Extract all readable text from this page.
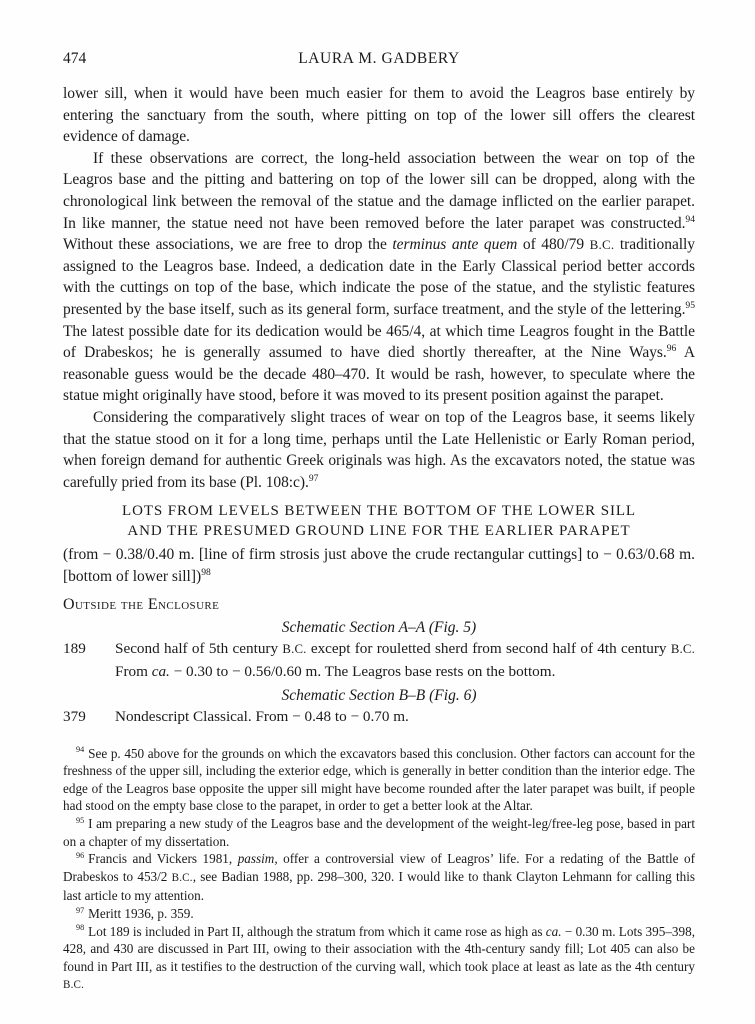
474	LAURA M. GADBERY

lower sill, when it would have been much easier for them to avoid the Leagros base entirely by entering the sanctuary from the south, where pitting on top of the lower sill offers the clearest evidence of damage.

If these observations are correct, the long-held association between the wear on top of the Leagros base and the pitting and battering on top of the lower sill can be dropped, along with the chronological link between the removal of the statue and the damage inflicted on the earlier parapet. In like manner, the statue need not have been removed before the later parapet was constructed.$^{94}$ Without these associations, we are free to drop the terminus ante quem of 480/79 B.C. traditionally assigned to the Leagros base. Indeed, a dedication date in the Early Classical period better accords with the cuttings on top of the base, which indicate the pose of the statue, and the stylistic features presented by the base itself, such as its general form, surface treatment, and the style of the lettering.$^{95}$ The latest possible date for its dedication would be 465/4, at which time Leagros fought in the Battle of Drabeskos; he is generally assumed to have died shortly thereafter, at the Nine Ways.$^{96}$ A reasonable guess would be the decade 480–470. It would be rash, however, to speculate where the statue might originally have stood, before it was moved to its present position against the parapet.

Considering the comparatively slight traces of wear on top of the Leagros base, it seems likely that the statue stood on it for a long time, perhaps until the Late Hellenistic or Early Roman period, when foreign demand for authentic Greek originals was high. As the excavators noted, the statue was carefully pried from its base (Pl. 108:c).$^{97}$

LOTS FROM LEVELS BETWEEN THE BOTTOM OF THE LOWER SILL
AND THE PRESUMED GROUND LINE FOR THE EARLIER PARAPET

(from − 0.38/0.40 m. [line of firm strosis just above the crude rectangular cuttings] to − 0.63/0.68 m. [bottom of lower sill])$^{98}$

Outside the Enclosure

Schematic Section A–A (Fig. 5)

189	Second half of 5th century B.C. except for rouletted sherd from second half of 4th century B.C. From ca. − 0.30 to − 0.56/0.60 m. The Leagros base rests on the bottom.

Schematic Section B–B (Fig. 6)

379	Nondescript Classical. From − 0.48 to − 0.70 m.

$^{94}$ See p. 450 above for the grounds on which the excavators based this conclusion. Other factors can account for the freshness of the upper sill, including the exterior edge, which is generally in better condition than the interior edge. The edge of the Leagros base opposite the upper sill might have become rounded after the later parapet was built, if people had stood on the empty base close to the parapet, in order to get a better look at the Altar.

$^{95}$ I am preparing a new study of the Leagros base and the development of the weight-leg/free-leg pose, based in part on a chapter of my dissertation.

$^{96}$ Francis and Vickers 1981, passim, offer a controversial view of Leagros’ life. For a redating of the Battle of Drabeskos to 453/2 B.C., see Badian 1988, pp. 298–300, 320. I would like to thank Clayton Lehmann for calling this last article to my attention.

$^{97}$ Meritt 1936, p. 359.

$^{98}$ Lot 189 is included in Part II, although the stratum from which it came rose as high as ca. − 0.30 m. Lots 395–398, 428, and 430 are discussed in Part III, owing to their association with the 4th-century sandy fill; Lot 405 can also be found in Part III, as it testifies to the destruction of the curving wall, which took place at least as late as the 4th century B.C.
